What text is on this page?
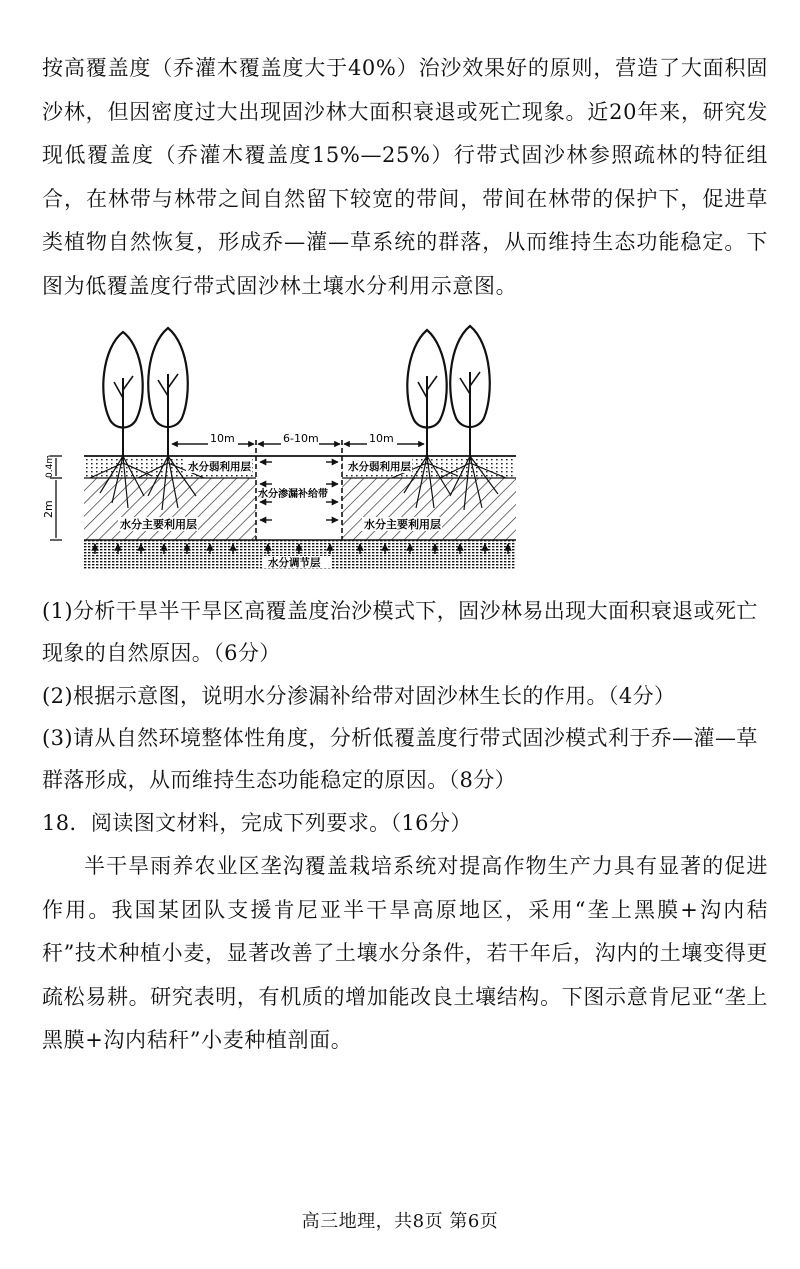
按高覆盖度（乔灌木覆盖度大于40%）治沙效果好的原则，营造了大面积固沙林，但因密度过大出现固沙林大面积衰退或死亡现象。近20年来，研究发现低覆盖度（乔灌木覆盖度15%—25%）行带式固沙林参照疏林的特征组合，在林带与林带之间自然留下较宽的带间，带间在林带的保护下，促进草类植物自然恢复，形成乔—灌—草系统的群落，从而维持生态功能稳定。下图为低覆盖度行带式固沙林土壤水分利用示意图。

10m	6-10m	10m
0.4m
2m
水分弱利用层	水分弱利用层
水分渗漏补给带
水分主要利用层	水分主要利用层
水分调节层

(1)分析干旱半干旱区高覆盖度治沙模式下，固沙林易出现大面积衰退或死亡现象的自然原因。（6分）

(2)根据示意图，说明水分渗漏补给带对固沙林生长的作用。（4分）

(3)请从自然环境整体性角度，分析低覆盖度行带式固沙模式利于乔—灌—草群落形成，从而维持生态功能稳定的原因。（8分）

18．阅读图文材料，完成下列要求。（16分）

半干旱雨养农业区垄沟覆盖栽培系统对提高作物生产力具有显著的促进作用。我国某团队支援肯尼亚半干旱高原地区，采用“垄上黑膜+沟内秸秆”技术种植小麦，显著改善了土壤水分条件，若干年后，沟内的土壤变得更疏松易耕。研究表明，有机质的增加能改良土壤结构。下图示意肯尼亚“垄上黑膜+沟内秸秆”小麦种植剖面。

高三地理，共8页 第6页
